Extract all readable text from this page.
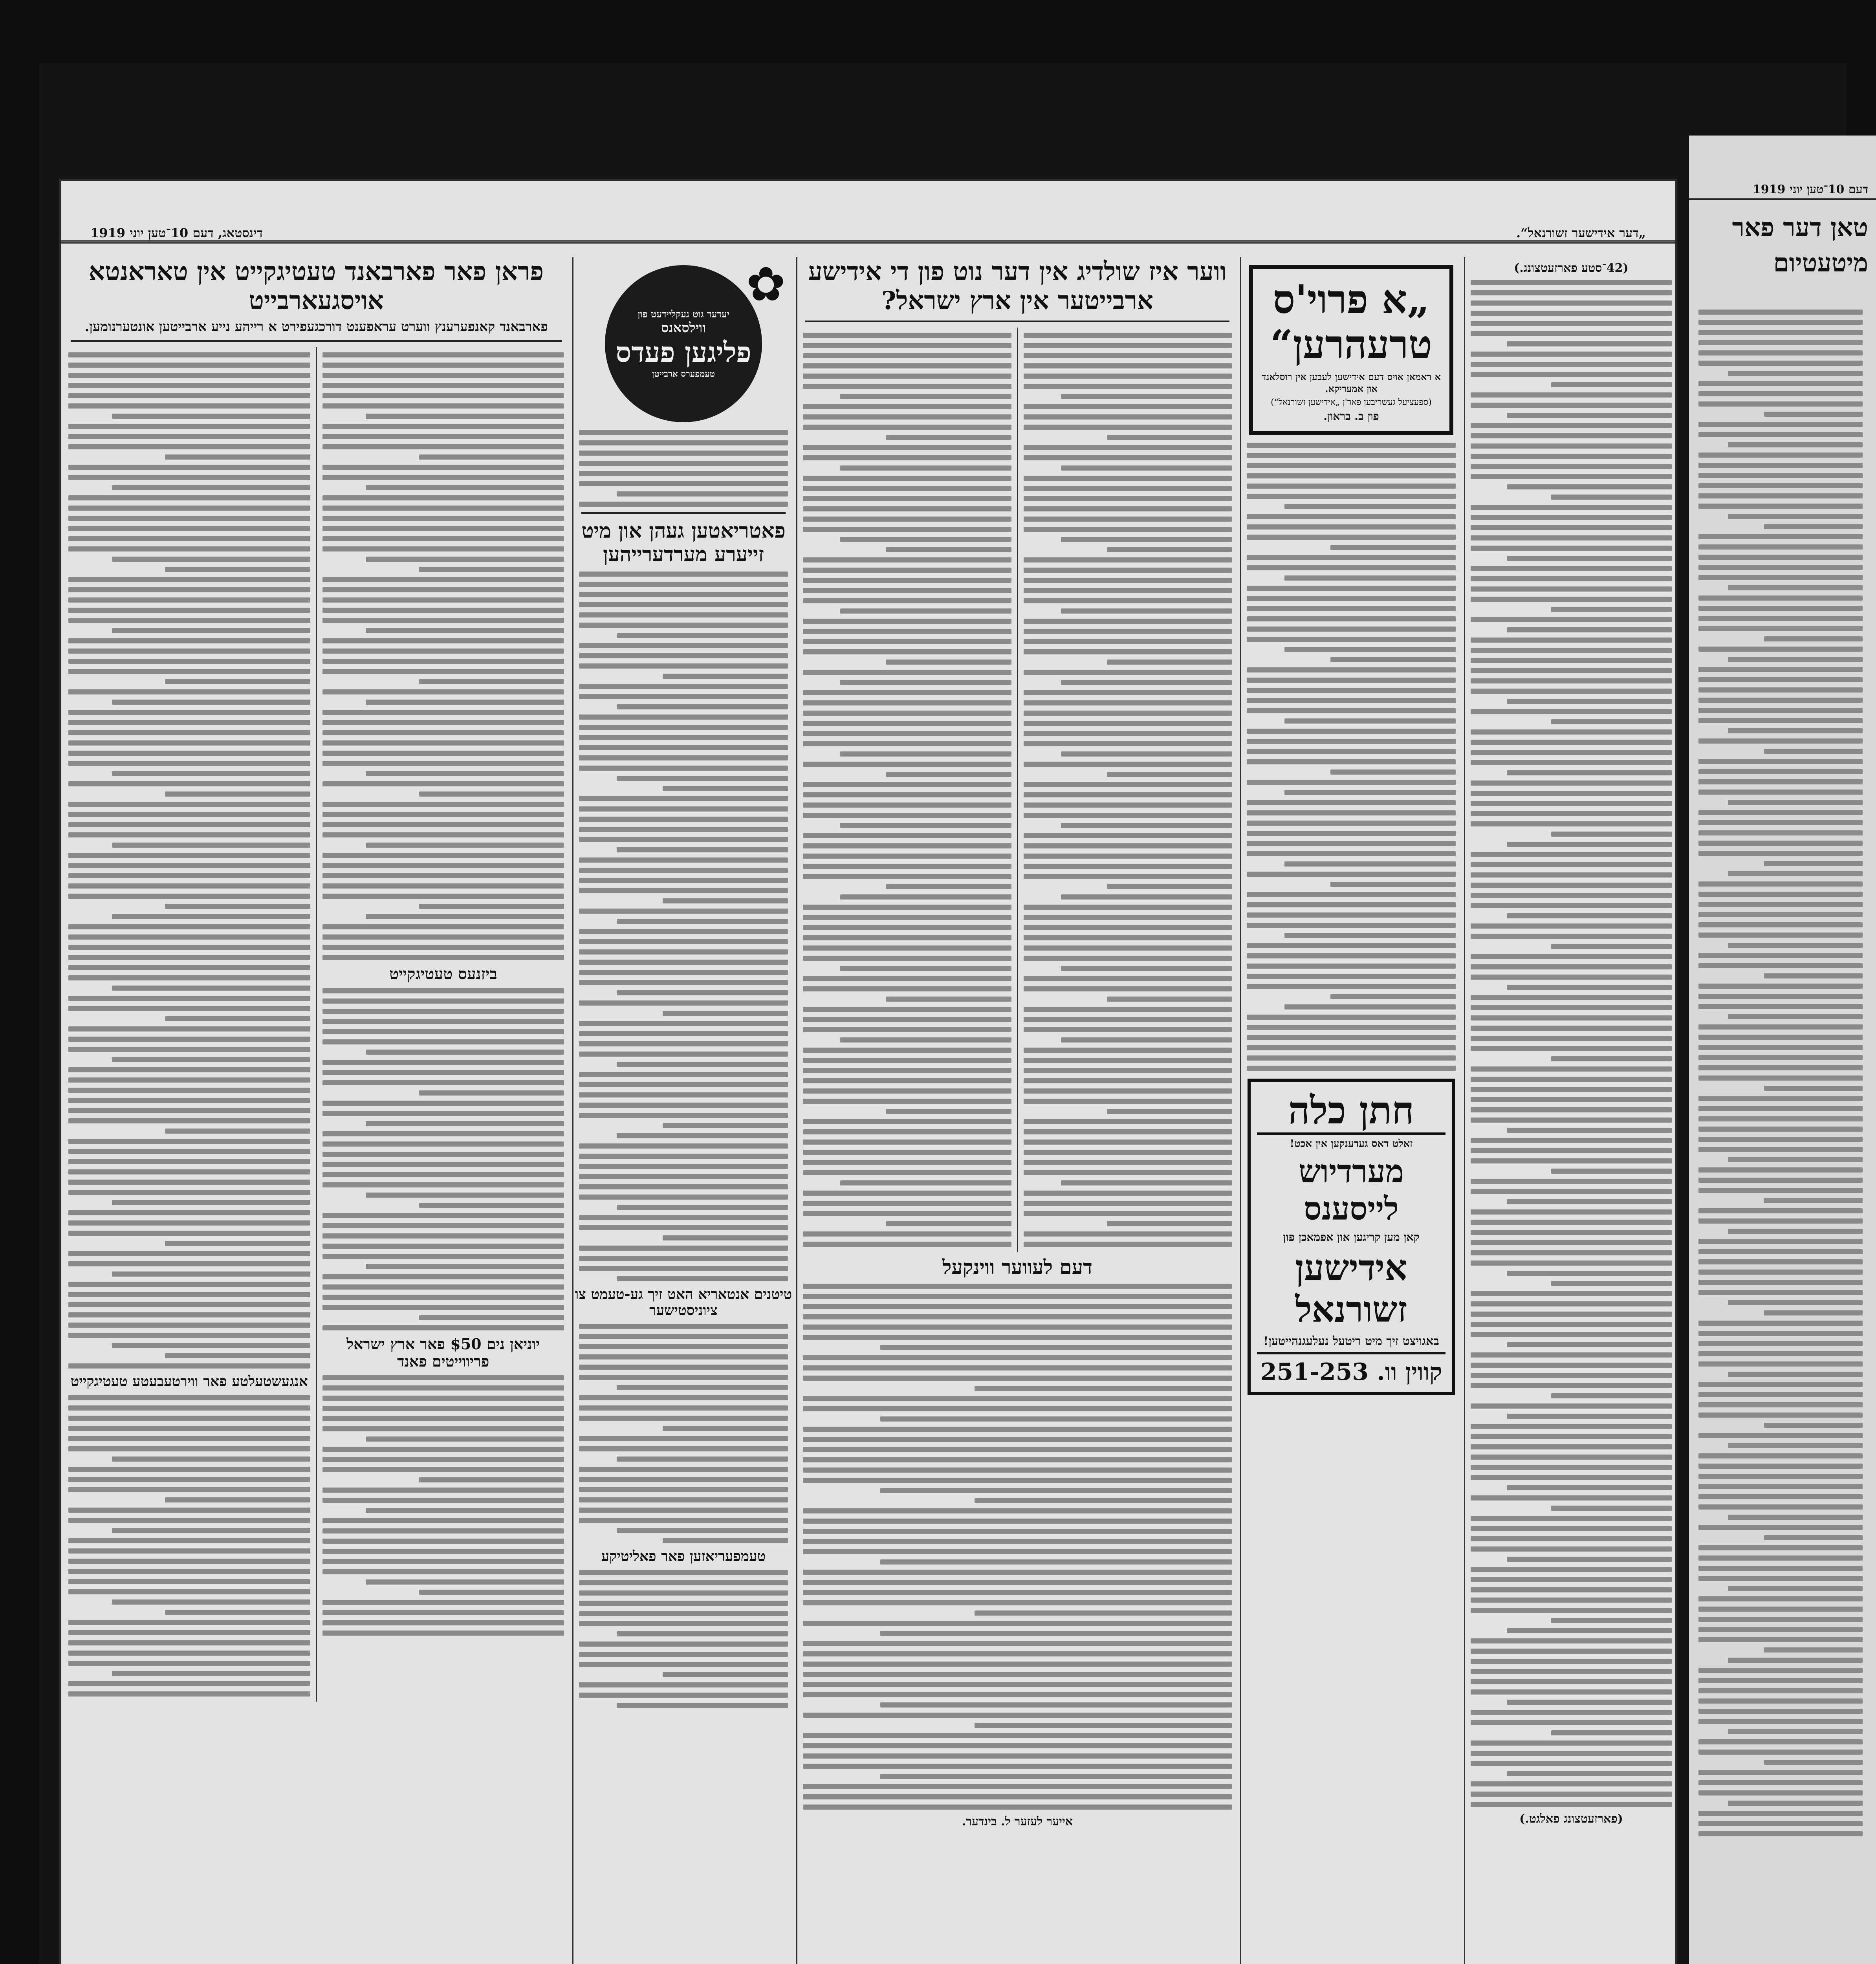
„דער אידישער זשורנאל“.
דינסטאג, דעם 10־טען יוני 1919
(42־סטע פארזעטצונג.)
(פארזעטצונג פאלגט.)
„א פרוי'ס טרעהרען“
א ראמאן אויס דעם אידישען לעבען אין רוסלאנד און אמעריקא.
(ספעציעל געשריבען פאר'ן „אידישען זשורנאל“)
פון ב. בראון.
חתן כלה
זאלט דאס געדענקען אין אכט!
מערדיוש
לייסענס
קאן מען קריגען און אפמאכן פון
אידישען
זשורנאל
באגויצט זיך מיט ריטעל נעלעגנהייטען!
קווין וו. 251-253
ווער איז שולדיג אין דער נוט פון די אידישע ארבייטער אין ארץ ישראל?
דעם לעווער ווינקעל
אייער לעזער ל. בינדער.
✿
יעדער גוט געקליידעט פון
ווילסאנס
פליגען פעדס
טעמפערס ארבייטן
פאטריאטען געהן און מיט זייערע מערדערייהען
טיטנים אנטאריא האט זיך גע-טעמט צו ציוניסטישער
טעמפעריאזען פאר פאליטיקע
פראן פאר פארבאנד טעטיגקייט אין טאראנטא אויסגעארבייט
פארבאנד קאנפערענץ ווערט עראפענט דורכגעפירט א רייהע נייע ארבייטען אונטערנומען.
ביזנעס טעטיגקייט
יוניאן נים $50 פאר ארץ ישראל פריווייטים פאנד
אנגעשטעלטע פאר ווירטעבעטע טעטיגקייט
דעם 10־טען יוני 1919
טאן דער פאר
מיטעטיום
